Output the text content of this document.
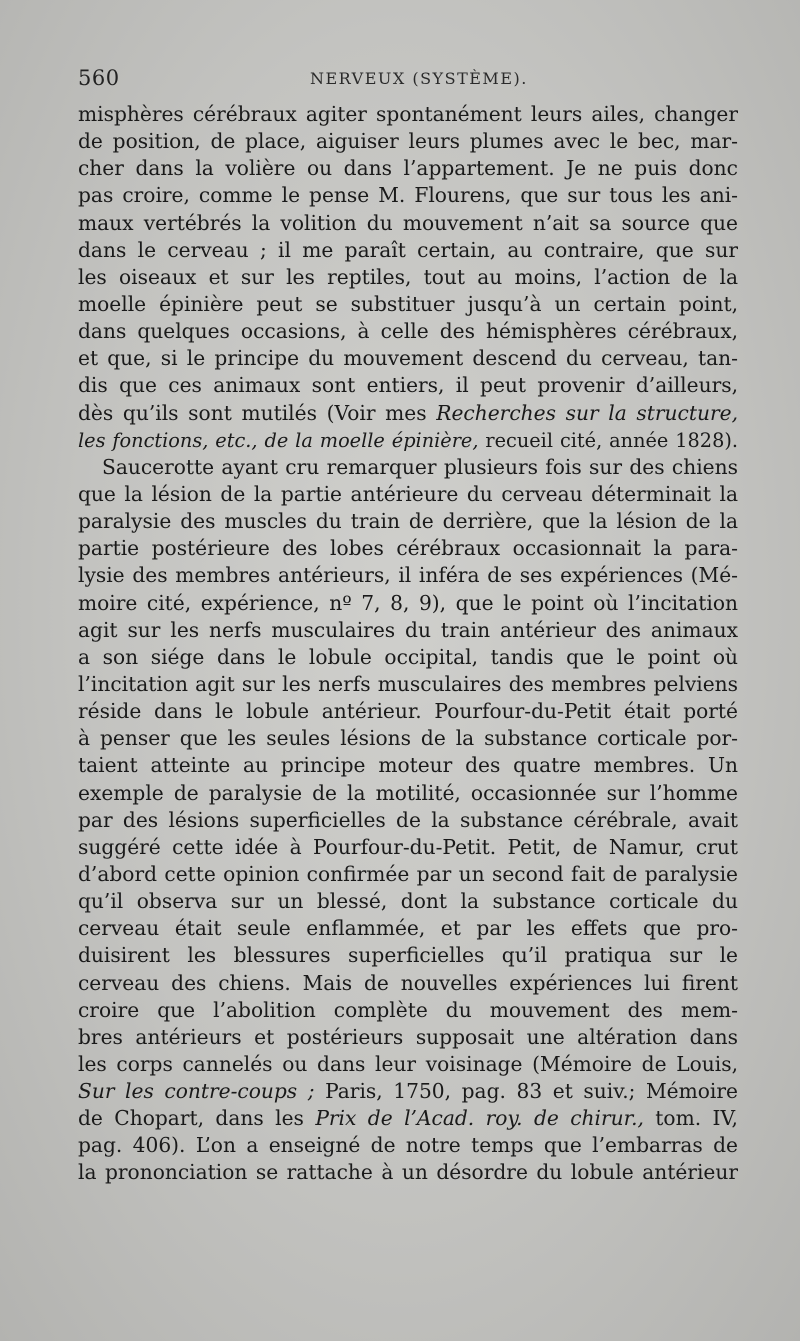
560	NERVEUX (SYSTÈME).
misphères cérébraux agiter spontanément leurs ailes, changer
de position, de place, aiguiser leurs plumes avec le bec, mar-
cher dans la volière ou dans l’appartement. Je ne puis donc
pas croire, comme le pense M. Flourens, que sur tous les ani-
maux vertébrés la volition du mouvement n’ait sa source que
dans le cerveau ; il me paraît certain, au contraire, que sur
les oiseaux et sur les reptiles, tout au moins, l’action de la
moelle épinière peut se substituer jusqu’à un certain point,
dans quelques occasions, à celle des hémisphères cérébraux,
et que, si le principe du mouvement descend du cerveau, tan-
dis que ces animaux sont entiers, il peut provenir d’ailleurs,
dès qu’ils sont mutilés (Voir mes Recherches sur la structure,
les fonctions, etc., de la moelle épinière, recueil cité, année 1828).
Saucerotte ayant cru remarquer plusieurs fois sur des chiens
que la lésion de la partie antérieure du cerveau déterminait la
paralysie des muscles du train de derrière, que la lésion de la
partie postérieure des lobes cérébraux occasionnait la para-
lysie des membres antérieurs, il inféra de ses expériences (Mé-
moire cité, expérience, nº 7, 8, 9), que le point où l’incitation
agit sur les nerfs musculaires du train antérieur des animaux
a son siége dans le lobule occipital, tandis que le point où
l’incitation agit sur les nerfs musculaires des membres pelviens
réside dans le lobule antérieur. Pourfour-du-Petit était porté
à penser que les seules lésions de la substance corticale por-
taient atteinte au principe moteur des quatre membres. Un
exemple de paralysie de la motilité, occasionnée sur l’homme
par des lésions superficielles de la substance cérébrale, avait
suggéré cette idée à Pourfour-du-Petit. Petit, de Namur, crut
d’abord cette opinion confirmée par un second fait de paralysie
qu’il observa sur un blessé, dont la substance corticale du
cerveau était seule enflammée, et par les effets que pro-
duisirent les blessures superficielles qu’il pratiqua sur le
cerveau des chiens. Mais de nouvelles expériences lui firent
croire que l’abolition complète du mouvement des mem-
bres antérieurs et postérieurs supposait une altération dans
les corps cannelés ou dans leur voisinage (Mémoire de Louis,
Sur les contre-coups ; Paris, 1750, pag. 83 et suiv.; Mémoire
de Chopart, dans les Prix de l’Acad. roy. de chirur., tom. IV,
pag. 406). L’on a enseigné de notre temps que l’embarras de
la prononciation se rattache à un désordre du lobule antérieur
